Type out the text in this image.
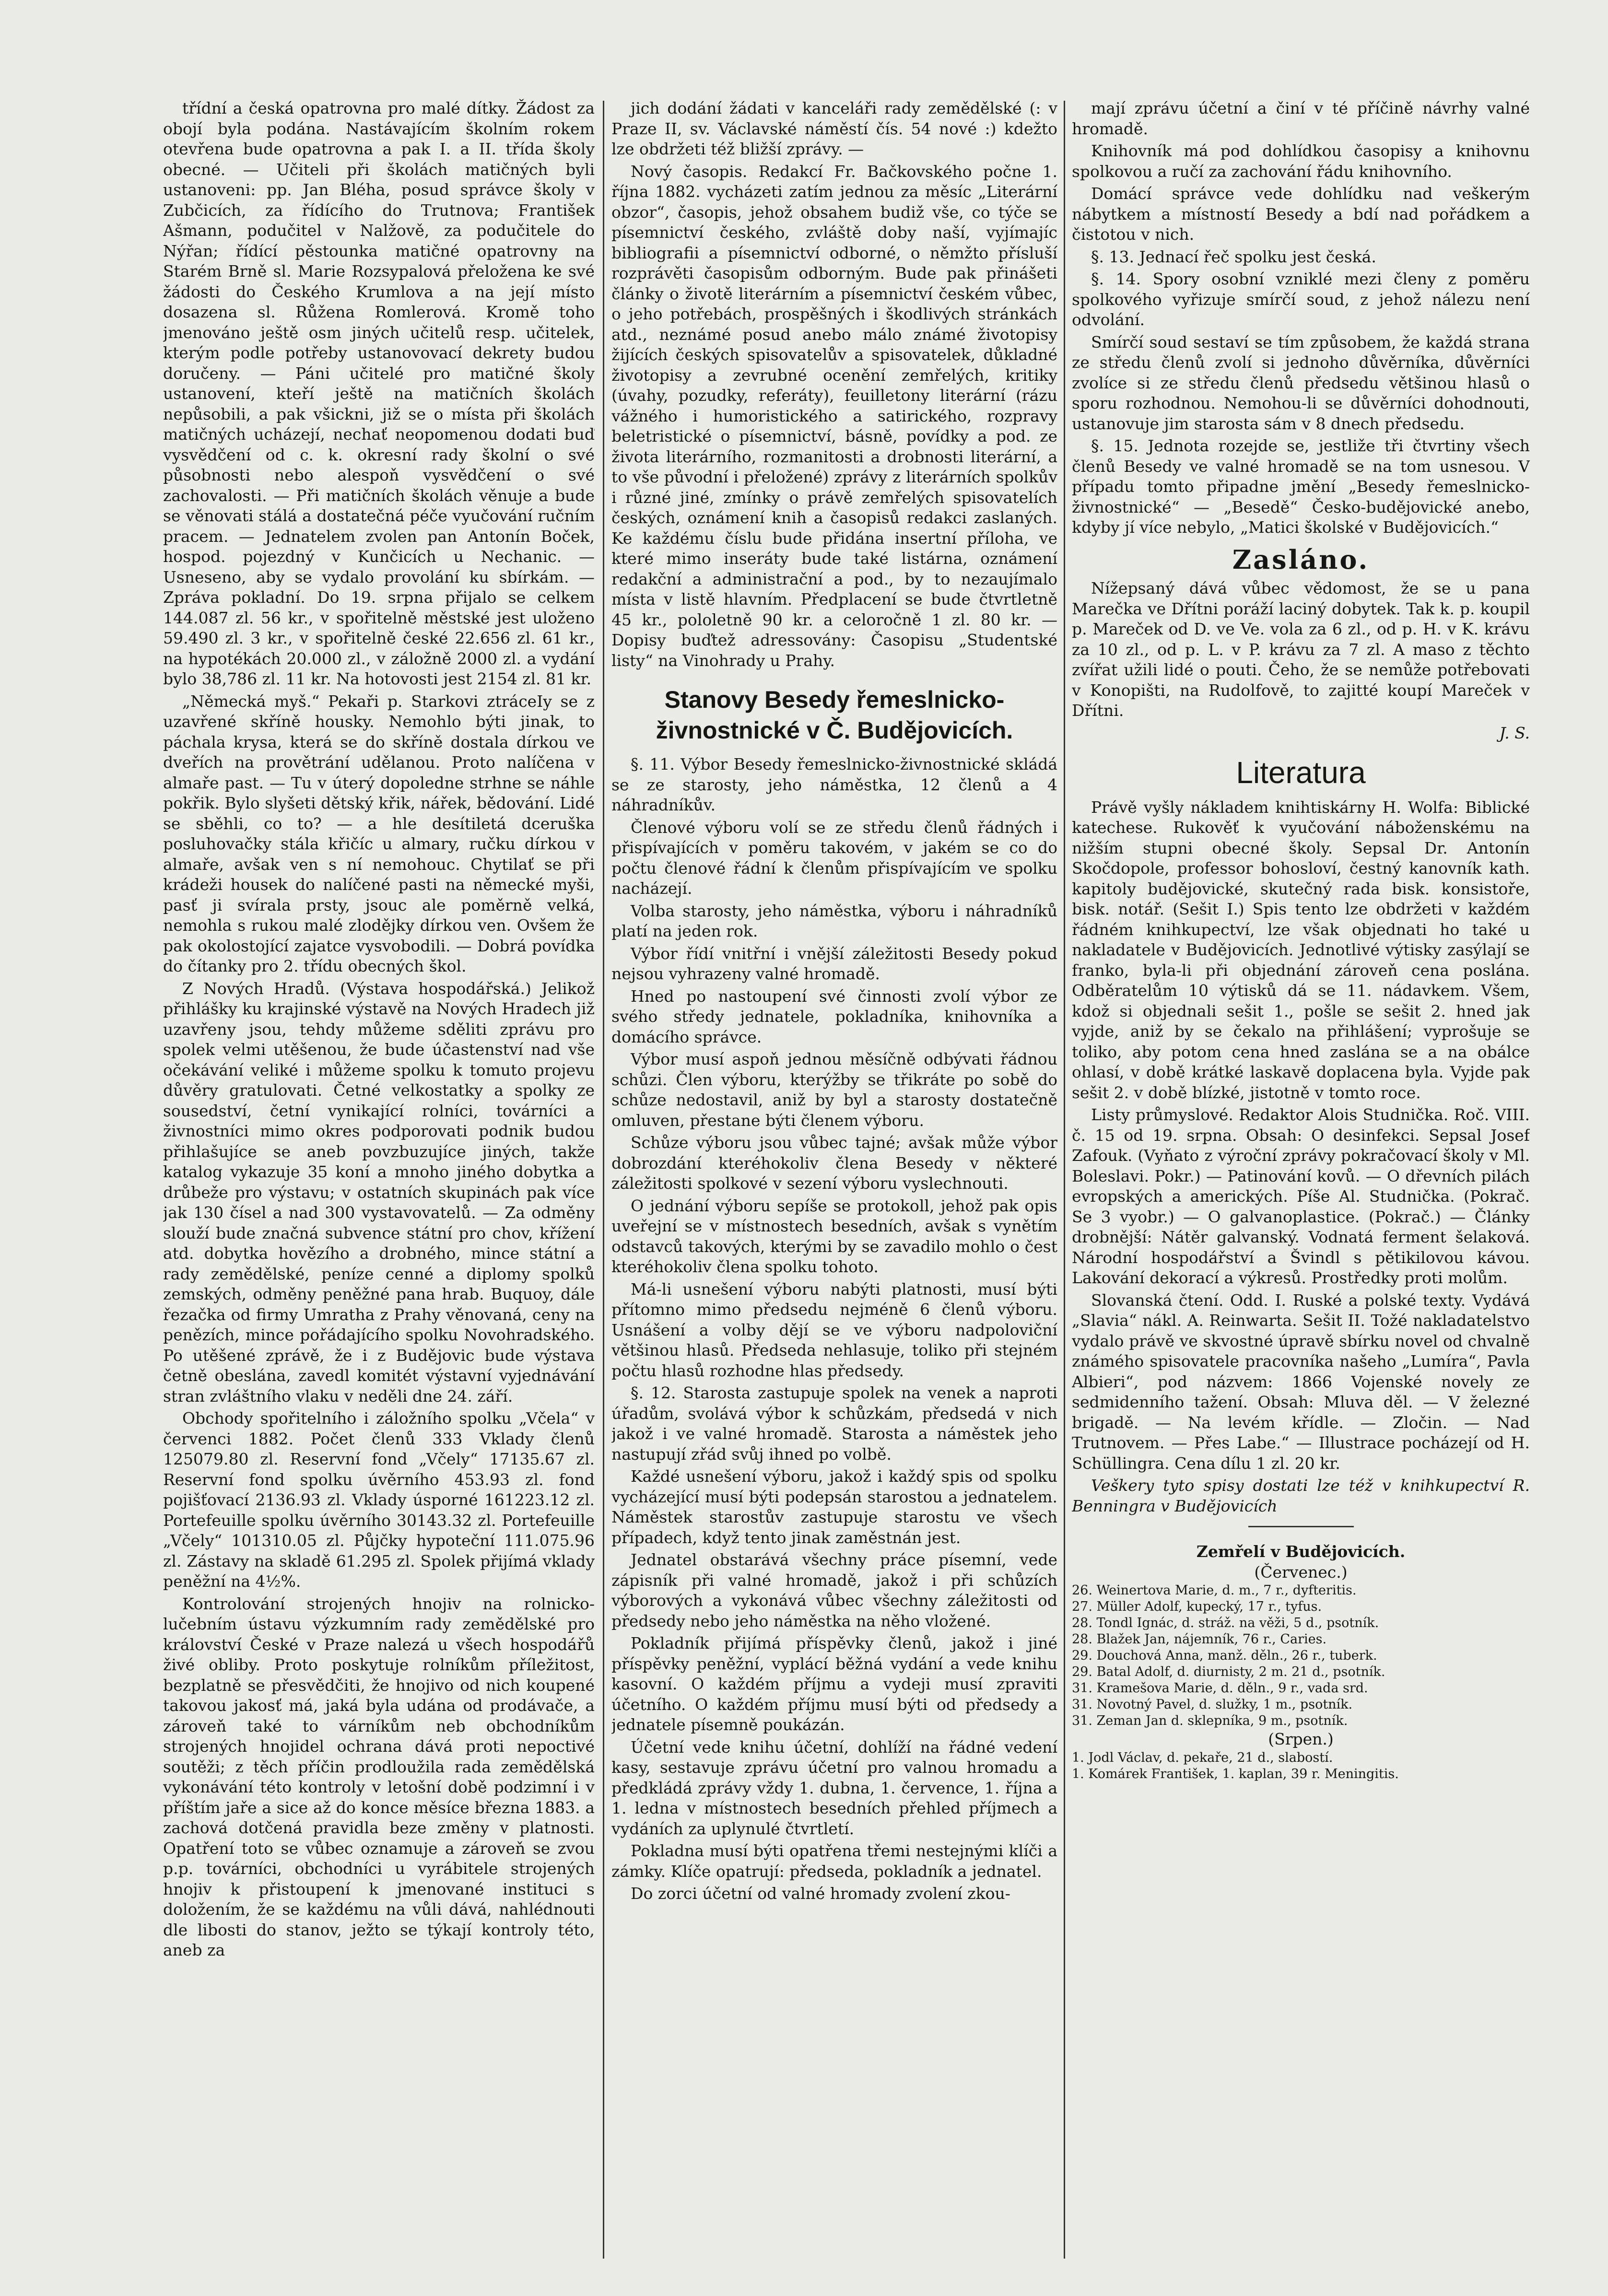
třídní a česká opatrovna pro malé dítky. Žádost za obojí byla podána. Nastávajícím školním rokem otevřena bude opatrovna a pak I. a II. třída školy obecné. — Učiteli při školách matičných byli ustanoveni: pp. Jan Bléha, posud správce školy v Zubčicích, za řídícího do Trutnova; František Ašmann, podučitel v Nalžově, za podučitele do Nýřan; řídící pěstounka matičné opatrovny na Starém Brně sl. Marie Rozsypalová přeložena ke své žádosti do Českého Krumlova a na její místo dosazena sl. Růžena Romlerová. Kromě toho jmenováno ještě osm jiných učitelů resp. učitelek, kterým podle potřeby ustanovovací dekrety budou doručeny. — Páni učitelé pro matičné školy ustanovení, kteří ještě na matičních školách nepůsobili, a pak všickni, již se o místa při školách matičných ucházejí, nechať neopomenou dodati buď vysvědčení od c. k. okresní rady školní o své působnosti nebo alespoň vysvědčení o své zachovalosti. — Při matičních školách věnuje a bude se věnovati stálá a dostatečná péče vyučování ručním pracem. — Jednatelem zvolen pan Antonín Boček, hospod. pojezdný v Kunčicích u Nechanic. — Usneseno, aby se vydalo provolání ku sbírkám. — Zpráva pokladní. Do 19. srpna přijalo se celkem 144.087 zl. 56 kr., v spořitelně městské jest uloženo 59.490 zl. 3 kr., v spořitelně české 22.656 zl. 61 kr., na hypotékách 20.000 zl., v záložně 2000 zl. a vydání bylo 38,786 zl. 11 kr. Na hotovosti jest 2154 zl. 81 kr.

„Německá myš.“ Pekaři p. Starkovi ztráceIy se z uzavřené skříně housky. Nemohlo býti jinak, to páchala krysa, která se do skříně dostala dírkou ve dveřích na provětrání udělanou. Proto nalíčena v almaře past. — Tu v úterý dopoledne strhne se náhle pokřik. Bylo slyšeti dětský křik, nářek, bědování. Lidé se sběhli, co to? — a hle desítiletá dceruška posluhovačky stála křičíc u almary, ručku dírkou v almaře, avšak ven s ní nemohouc. Chytilať se při krádeži housek do nalíčené pasti na německé myši, pasť ji svírala prsty, jsouc ale poměrně velká, nemohla s rukou malé zlodějky dírkou ven. Ovšem že pak okolostojící zajatce vysvobodili. — Dobrá povídka do čítanky pro 2. třídu obecných škol.

Z Nových Hradů. (Výstava hospodářská.) Jelikož přihlášky ku krajinské výstavě na Nových Hradech již uzavřeny jsou, tehdy můžeme sděliti zprávu pro spolek velmi utěšenou, že bude účastenství nad vše očekávání veliké i můžeme spolku k tomuto projevu důvěry gratulovati. Četné velkostatky a spolky ze sousedství, četní vynikající rolníci, továrníci a živnostníci mimo okres podporovati podnik budou přihlašujíce se aneb povzbuzujíce jiných, takže katalog vykazuje 35 koní a mnoho jiného dobytka a drůbeže pro výstavu; v ostatních skupinách pak více jak 130 čísel a nad 300 vystavovatelů. — Za odměny slouží bude značná subvence státní pro chov, křížení atd. dobytka hovězího a drobného, mince státní a rady zemědělské, peníze cenné a diplomy spolků zemských, odměny peněžné pana hrab. Buquoy, dále řezačka od firmy Umratha z Prahy věnovaná, ceny na penězích, mince pořádajícího spolku Novohradského. Po utěšené zprávě, že i z Budějovic bude výstava četně obeslána, zavedl komitét výstavní vyjednávání stran zvláštního vlaku v neděli dne 24. září.

Obchody spořitelního i záložního spolku „Včela“ v červenci 1882. Počet členů 333 Vklady členů 125079.80 zl. Reservní fond „Včely“ 17135.67 zl. Reservní fond spolku úvěrního 453.93 zl. fond pojišťovací 2136.93 zl. Vklady úsporné 161223.12 zl. Portefeuille spolku úvěrního 30143.32 zl. Portefeuille „Včely“ 101310.05 zl. Půjčky hypoteční 111.075.96 zl. Zástavy na skladě 61.295 zl. Spolek přijímá vklady peněžní na 4½%.

Kontrolování strojených hnojiv na rolnicko-lučebním ústavu výzkumním rady zemědělské pro království České v Praze nalezá u všech hospodářů živé obliby. Proto poskytuje rolníkům příležitost, bezplatně se přesvědčiti, že hnojivo od nich koupené takovou jakosť má, jaká byla udána od prodávače, a zároveň také to várníkům neb obchodníkům strojených hnojidel ochrana dává proti nepoctivé soutěži; z těch příčin prodloužila rada zemědělská vykonávání této kontroly v letošní době podzimní i v příštím jaře a sice až do konce měsíce března 1883. a zachová dotčená pravidla beze změny v platnosti. Opatření toto se vůbec oznamuje a zároveň se zvou p.p. továrníci, obchodníci u vyrábitele strojených hnojiv k přistoupení k jmenované instituci s doložením, že se každému na vůli dává, nahlédnouti dle libosti do stanov, ježto se týkají kontroly této, aneb za

jich dodání žádati v kanceláři rady zemědělské (: v Praze II, sv. Václavské náměstí čís. 54 nové :) kdežto lze obdržeti též bližší zprávy. —

Nový časopis. Redakcí Fr. Bačkovského počne 1. října 1882. vycházeti zatím jednou za měsíc „Literární obzor“, časopis, jehož obsahem budiž vše, co týče se písemnictví českého, zvláště doby naší, vyjímajíc bibliografii a písemnictví odborné, o němžto přísluší rozprávěti časopisům odborným. Bude pak přinášeti články o životě literárním a písemnictví českém vůbec, o jeho potřebách, prospěšných i škodlivých stránkách atd., neznámé posud anebo málo známé životopisy žijících českých spisovatelův a spisovatelek, důkladné životopisy a zevrubné ocenění zemřelých, kritiky (úvahy, pozudky, referáty), feuilletony literární (rázu vážného i humoristického a satirického, rozpravy beletristické o písemnictví, básně, povídky a pod. ze života literárního, rozmanitosti a drobnosti literární, a to vše původní i přeložené) zprávy z literárních spolkův i různé jiné, zmínky o právě zemřelých spisovatelích českých, oznámení knih a časopisů redakci zaslaných. Ke každému číslu bude přidána insertní příloha, ve které mimo inseráty bude také listárna, oznámení redakční a administrační a pod., by to nezaujímalo místa v listě hlavním. Předplacení se bude čtvrtletně 45 kr., pololetně 90 kr. a celoročně 1 zl. 80 kr. — Dopisy buďtež adressovány: Časopisu „Studentské listy“ na Vinohrady u Prahy.

Stanovy Besedy řemeslnicko-živnostnické v Č. Budějovicích.

§. 11. Výbor Besedy řemeslnicko-živnostnické skládá se ze starosty, jeho náměstka, 12 členů a 4 náhradníkův.

Členové výboru volí se ze středu členů řádných i přispívajících v poměru takovém, v jakém se co do počtu členové řádní k členům přispívajícím ve spolku nacházejí.

Volba starosty, jeho náměstka, výboru i náhradníků platí na jeden rok.

Výbor řídí vnitřní i vnější záležitosti Besedy pokud nejsou vyhrazeny valné hromadě.

Hned po nastoupení své činnosti zvolí výbor ze svého středy jednatele, pokladníka, knihovníka a domácího správce.

Výbor musí aspoň jednou měsíčně odbývati řádnou schůzi. Člen výboru, kterýžby se třikráte po sobě do schůze nedostavil, aniž by byl a starosty dostatečně omluven, přestane býti členem výboru.

Schůze výboru jsou vůbec tajné; avšak může výbor dobrozdání kteréhokoliv člena Besedy v některé záležitosti spolkové v sezení výboru vyslechnouti.

O jednání výboru sepíše se protokoll, jehož pak opis uveřejní se v místnostech besedních, avšak s vynětím odstavců takových, kterými by se zavadilo mohlo o čest kteréhokoliv člena spolku tohoto.

Má-li usnešení výboru nabýti platnosti, musí býti přítomno mimo předsedu nejméně 6 členů výboru. Usnášení a volby dějí se ve výboru nadpoloviční většinou hlasů. Předseda nehlasuje, toliko při stejném počtu hlasů rozhodne hlas předsedy.

§. 12. Starosta zastupuje spolek na venek a naproti úřadům, svolává výbor k schůzkám, předsedá v nich jakož i ve valné hromadě. Starosta a náměstek jeho nastupují zřád svůj ihned po volbě.

Každé usnešení výboru, jakož i každý spis od spolku vycházející musí býti podepsán starostou a jednatelem. Náměstek starostův zastupuje starostu ve všech případech, když tento jinak zaměstnán jest.

Jednatel obstarává všechny práce písemní, vede zápisník při valné hromadě, jakož i při schůzích výborových a vykonává vůbec všechny záležitosti od předsedy nebo jeho náměstka na něho vložené.

Pokladník přijímá příspěvky členů, jakož i jiné příspěvky peněžní, vyplácí běžná vydání a vede knihu kasovní. O každém příjmu a vydeji musí zpraviti účetního. O každém příjmu musí býti od předsedy a jednatele písemně poukázán.

Účetní vede knihu účetní, dohlíží na řádné vedení kasy, sestavuje zprávu účetní pro valnou hromadu a předkládá zprávy vždy 1. dubna, 1. července, 1. října a 1. ledna v místnostech besedních přehled příjmech a vydáních za uplynulé čtvrtletí.

Pokladna musí býti opatřena třemi nestejnými klíči a zámky. Klíče opatrují: předseda, pokladník a jednatel.

Do zorci účetní od valné hromady zvolení zkou-

mají zprávu účetní a činí v té příčině návrhy valné hromadě.

Knihovník má pod dohlídkou časopisy a knihovnu spolkovou a ručí za zachování řádu knihovního.

Domácí správce vede dohlídku nad veškerým nábytkem a místností Besedy a bdí nad pořádkem a čistotou v nich.

§. 13. Jednací řeč spolku jest česká.

§. 14. Spory osobní vzniklé mezi členy z poměru spolkového vyřizuje smírčí soud, z jehož nálezu není odvolání.

Smírčí soud sestaví se tím způsobem, že každá strana ze středu členů zvolí si jednoho důvěrníka, důvěrníci zvolíce si ze středu členů předsedu většinou hlasů o sporu rozhodnou. Nemohou-li se důvěrníci dohodnouti, ustanovuje jim starosta sám v 8 dnech předsedu.

§. 15. Jednota rozejde se, jestliže tři čtvrtiny všech členů Besedy ve valné hromadě se na tom usnesou. V případu tomto připadne jmění „Besedy řemeslnicko-živnostnické“ — „Besedě“ Česko-budějovické anebo, kdyby jí více nebylo, „Matici školské v Budějovicích.“

Zasláno.

Nížepsaný dává vůbec vědomost, že se u pana Marečka ve Dřítni poráží laciný dobytek. Tak k. p. koupil p. Mareček od D. ve Ve. vola za 6 zl., od p. H. v K. krávu za 10 zl., od p. L. v P. krávu za 7 zl. A maso z těchto zvířat užili lidé o pouti. Čeho, že se nemůže potřebovati v Konopišti, na Rudolfově, to zajitté koupí Mareček v Dřítni.

J. S.
Literatura

Právě vyšly nákladem knihtiskárny H. Wolfa: Biblické katechese. Rukověť k vyučování náboženskému na nižším stupni obecné školy. Sepsal Dr. Antonín Skočdopole, professor bohosloví, čestný kanovník kath. kapitoly budějovické, skutečný rada bisk. konsistoře, bisk. notář. (Sešit I.) Spis tento lze obdržeti v každém řádném knihkupectví, lze však objednati ho také u nakladatele v Budějovicích. Jednotlivé výtisky zasýlají se franko, byla-li při objednání zároveň cena poslána. Odběratelům 10 výtisků dá se 11. nádavkem. Všem, kdož si objednali sešit 1., pošle se sešit 2. hned jak vyjde, aniž by se čekalo na přihlášení; vyprošuje se toliko, aby potom cena hned zaslána se a na obálce ohlasí, v době krátké laskavě doplacena byla. Vyjde pak sešit 2. v době blízké, jistotně v tomto roce.

Listy průmyslové. Redaktor Alois Studnička. Roč. VIII. č. 15 od 19. srpna. Obsah: O desinfekci. Sepsal Josef Zafouk. (Vyňato z výroční zprávy pokračovací školy v Ml. Boleslavi. Pokr.) — Patinování kovů. — O dřevních pilách evropských a amerických. Píše Al. Studnička. (Pokrač. Se 3 vyobr.) — O galvanoplastice. (Pokrač.) — Články drobnější: Nátěr galvanský. Vodnatá ferment šelaková. Národní hospodářství a Švindl s pětikilovou kávou. Lakování dekorací a výkresů. Prostředky proti molům.

Slovanská čtení. Odd. I. Ruské a polské texty. Vydává „Slavia“ nákl. A. Reinwarta. Sešit II. Tožé nakladatelstvo vydalo právě ve skvostné úpravě sbírku novel od chvalně známého spisovatele pracovníka našeho „Lumíra“, Pavla Albieri“, pod názvem: 1866 Vojenské novely ze sedmidenního tažení. Obsah: Mluva děl. — V železné brigadě. — Na levém křídle. — Zločin. — Nad Trutnovem. — Přes Labe.“ — Illustrace pocházejí od H. Schüllingra. Cena dílu 1 zl. 20 kr.

Veškery tyto spisy dostati lze též v knihkupectví R. Benningra v Budějovicích

Zemřelí v Budějovicích.
(Červenec.)
26. Weinertova Marie, d. m., 7 r., dyfteritis.
27. Müller Adolf, kupecký, 17 r., tyfus.
28. Tondl Ignác, d. stráž. na věži, 5 d., psotník.
28. Blažek Jan, nájemník, 76 r., Caries.
29. Douchová Anna, manž. děln., 26 r., tuberk.
29. Batal Adolf, d. diurnisty, 2 m. 21 d., psotník.
31. Kramešova Marie, d. děln., 9 r., vada srd.
31. Novotný Pavel, d. služky, 1 m., psotník.
31. Zeman Jan d. sklepníka, 9 m., psotník.
(Srpen.)
1. Jodl Václav, d. pekaře, 21 d., slabostí.
1. Komárek František, 1. kaplan, 39 r. Meningitis.
